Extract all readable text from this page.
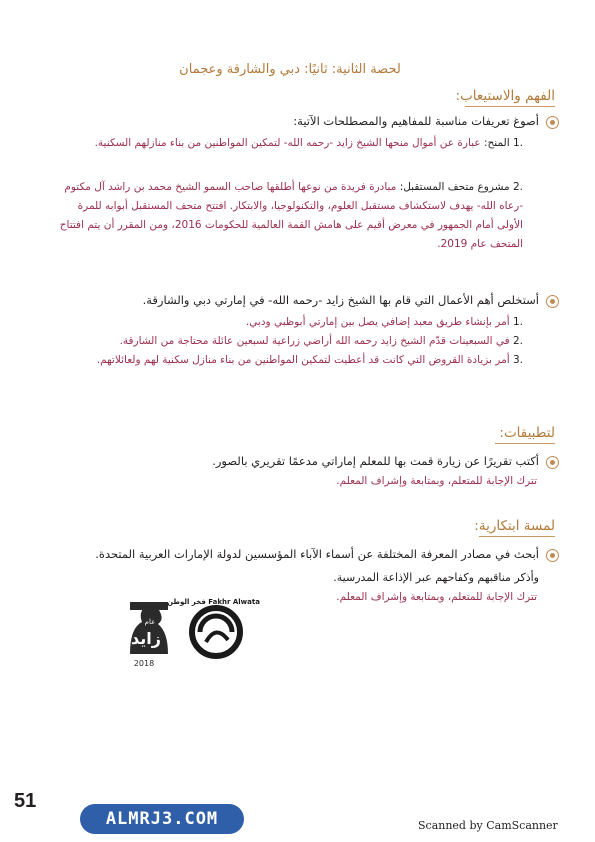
لحصة الثانية: ثانيًا: دبي والشارقة وعجمان
الفهم والاستيعاب:
أصوغ تعريفات مناسبة للمفاهيم والمصطلحات الآتية:
.1 المنح: عبارة عن أموال منحها الشيخ زايد -رحمه الله- لتمكين المواطنين من بناء منازلهم السكنية.
.2 مشروع متحف المستقبل: مبادرة فريدة من نوعها أطلقها صاحب السمو الشيخ محمد بن راشد آل مكتوم -رعاه الله- يهدف لاستكشاف مستقبل العلوم، والتكنولوجيا، والابتكار. افتتح متحف المستقبل أبوابه للمرة الأولى أمام الجمهور في معرض أقيم على هامش القمة العالمية للحكومات 2016، ومن المقرر أن يتم افتتاح المتحف عام 2019.
أستخلص أهم الأعمال التي قام بها الشيخ زايد -رحمه الله- في إمارتي دبي والشارقة.
.1 أمر بإنشاء طريق معبد إضافي يصل بين إمارتي أبوظبي ودبي.
.2 في السبعينات قدّم الشيخ زايد رحمه الله أراضي زراعية لسبعين عائلة محتاجة من الشارقة.
.3 أمر بزيادة القروض التي كانت قد أعطيت لتمكين المواطنين من بناء منازل سكنية لهم ولعائلاتهم.
لتطبيقات:
أكتب تقريرًا عن زيارة قمت بها للمعلم إماراتي مدعمًا تقريري بالصور.
تترك الإجابة للمتعلم، وبمتابعة وإشراف المعلم.
لمسة ابتكارية:
أبحث في مصادر المعرفة المختلفة عن أسماء الآباء المؤسسين لدولة الإمارات العربية المتحدة.
وأذكر مناقبهم وكفاحهم عبر الإذاعة المدرسية.
تترك الإجابة للمتعلم، وبمتابعة وإشراف المعلم.
زايد
عام
2018
فخر الوطن Fakhr Alwatan
51
ALMRJ3.COM	Scanned by CamScanner
